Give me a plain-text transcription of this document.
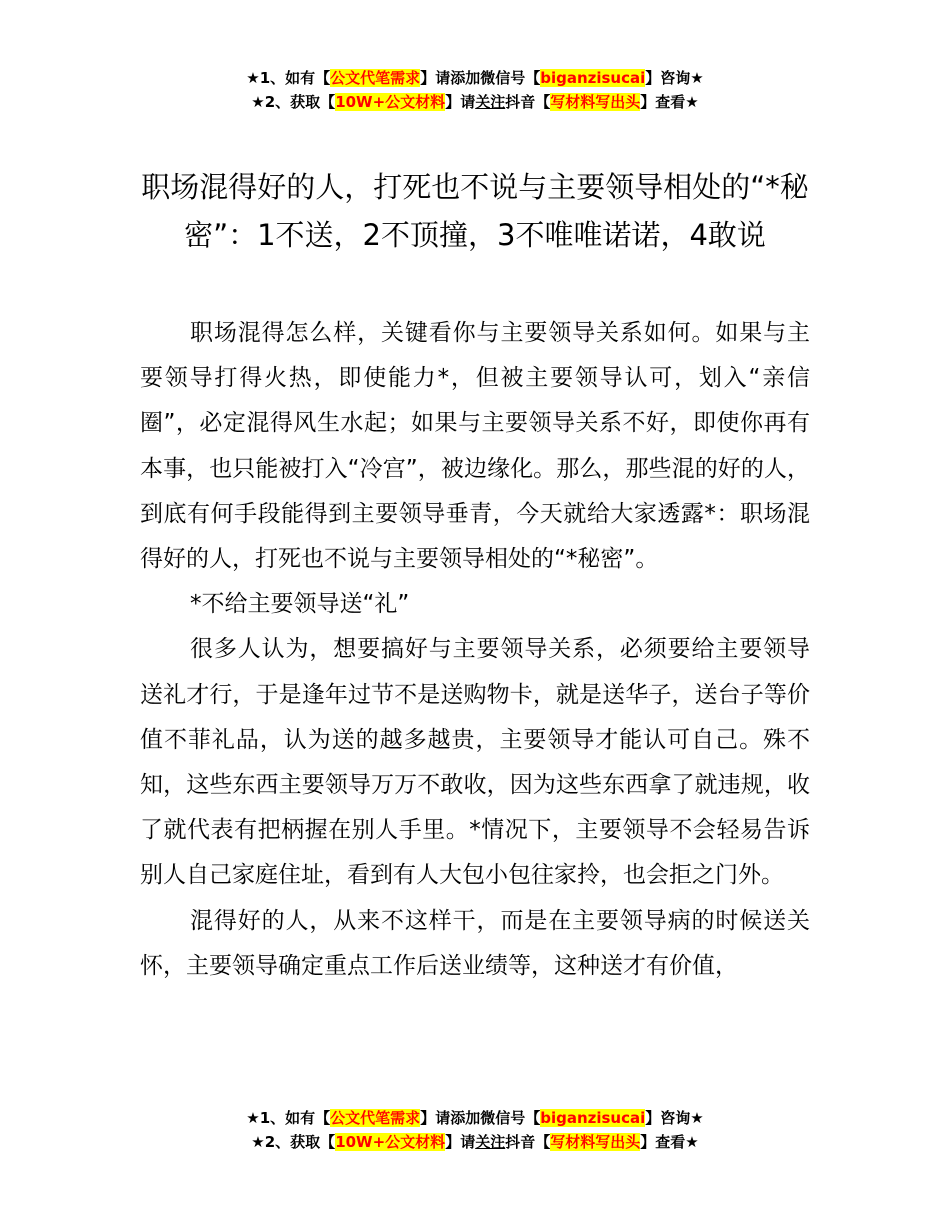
★1、如有【公文代笔需求】请添加微信号【biganzisucai】咨询★
★2、获取【10W+公文材料】请关注抖音【写材料写出头】查看★
职场混得好的人，打死也不说与主要领导相处的“*秘密”：1不送，2不顶撞，3不唯唯诺诺，4敢说

职场混得怎么样，关键看你与主要领导关系如何。如果与主要领导打得火热，即使能力*，但被主要领导认可，划入“亲信圈”，必定混得风生水起；如果与主要领导关系不好，即使你再有本事，也只能被打入“冷宫”，被边缘化。那么，那些混的好的人，到底有何手段能得到主要领导垂青，今天就给大家透露*：职场混得好的人，打死也不说与主要领导相处的“*秘密”。

*不给主要领导送“礼”

很多人认为，想要搞好与主要领导关系，必须要给主要领导送礼才行，于是逢年过节不是送购物卡，就是送华子，送台子等价值不菲礼品，认为送的越多越贵，主要领导才能认可自己。殊不知，这些东西主要领导万万不敢收，因为这些东西拿了就违规，收了就代表有把柄握在别人手里。*情况下，主要领导不会轻易告诉别人自己家庭住址，看到有人大包小包往家拎，也会拒之门外。

混得好的人，从来不这样干，而是在主要领导病的时候送关怀，主要领导确定重点工作后送业绩等，这种送才有价值，

★1、如有【公文代笔需求】请添加微信号【biganzisucai】咨询★
★2、获取【10W+公文材料】请关注抖音【写材料写出头】查看★
